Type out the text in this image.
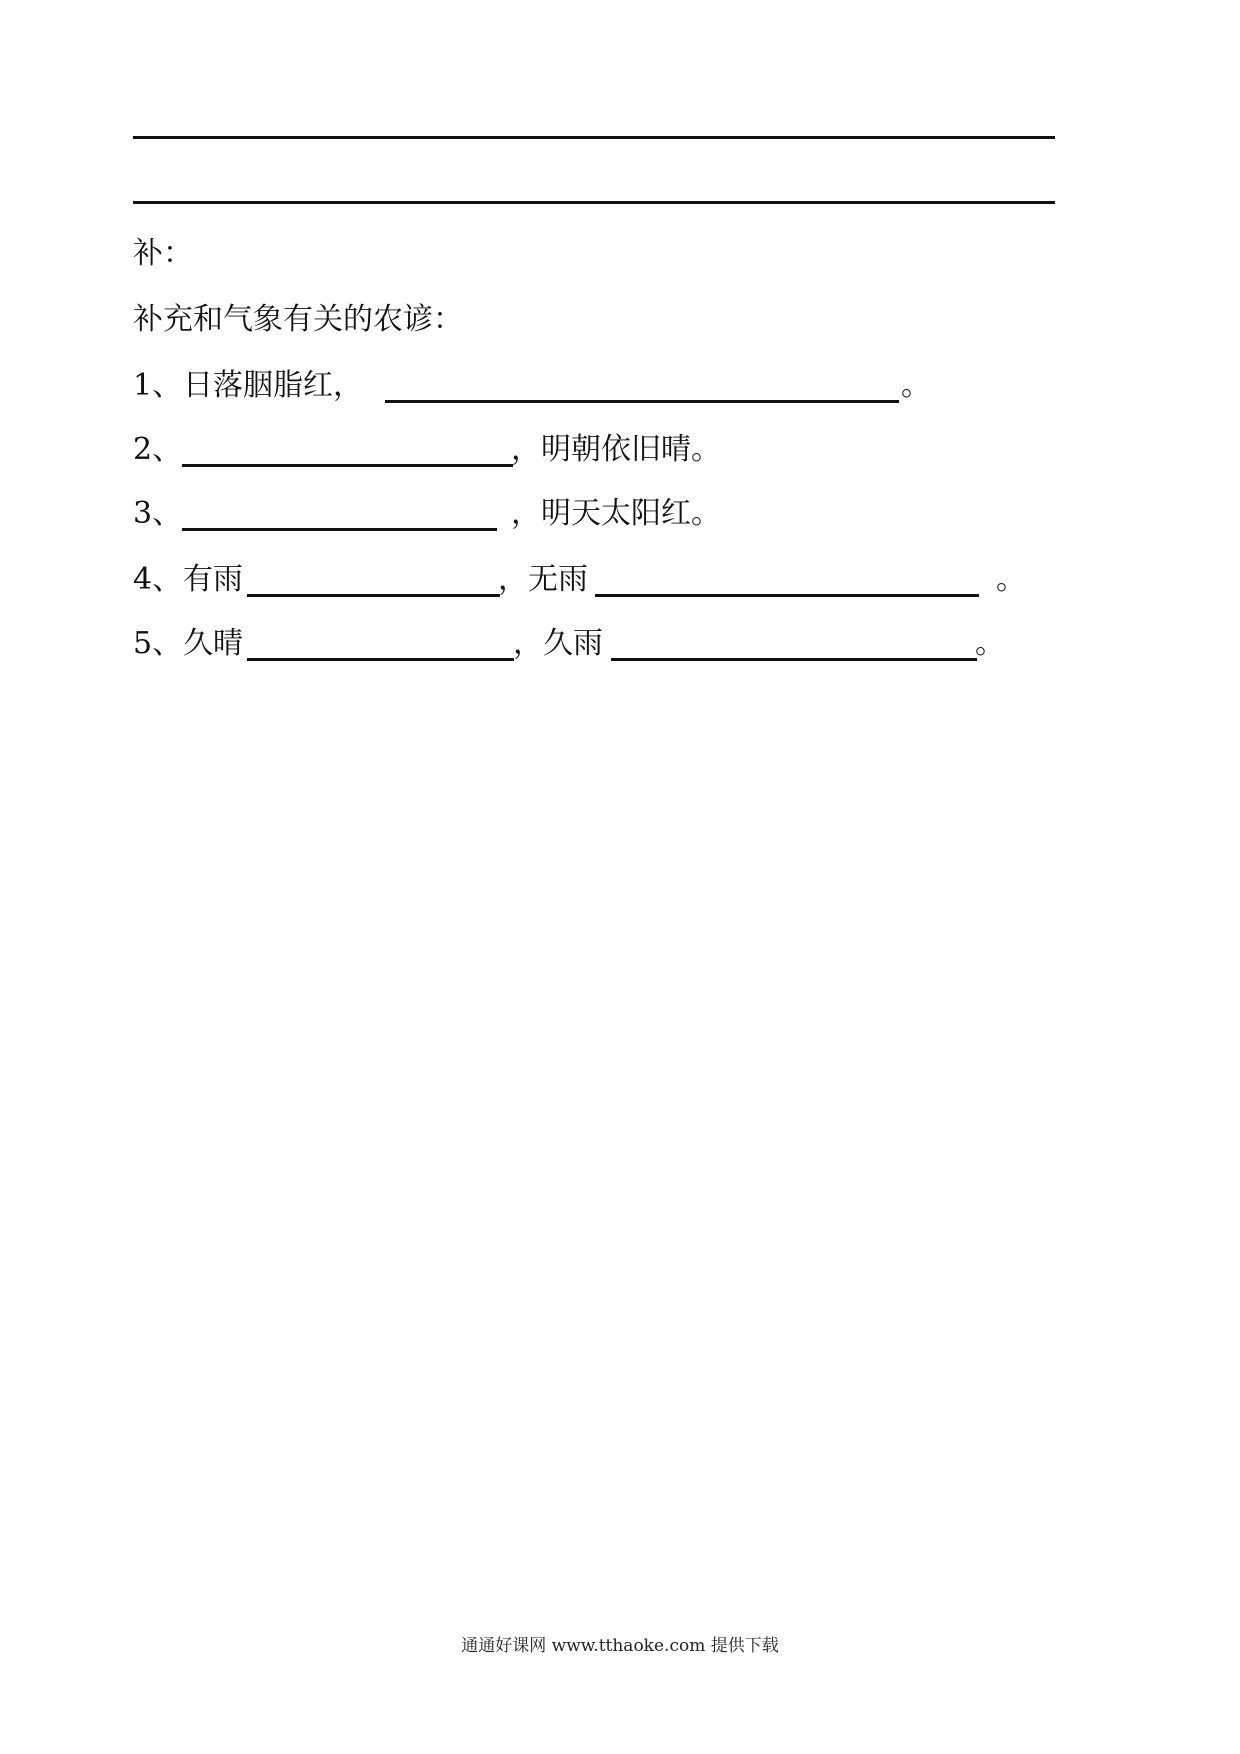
补：
补充和气象有关的农谚：
1、 日落胭脂红，	。
2、	，明朝依旧晴。
3、	，明天太阳红。
4、 有雨	，无雨	。
5、 久晴	，久雨	。
通通好课网 www.tthaoke.com 提供下载
